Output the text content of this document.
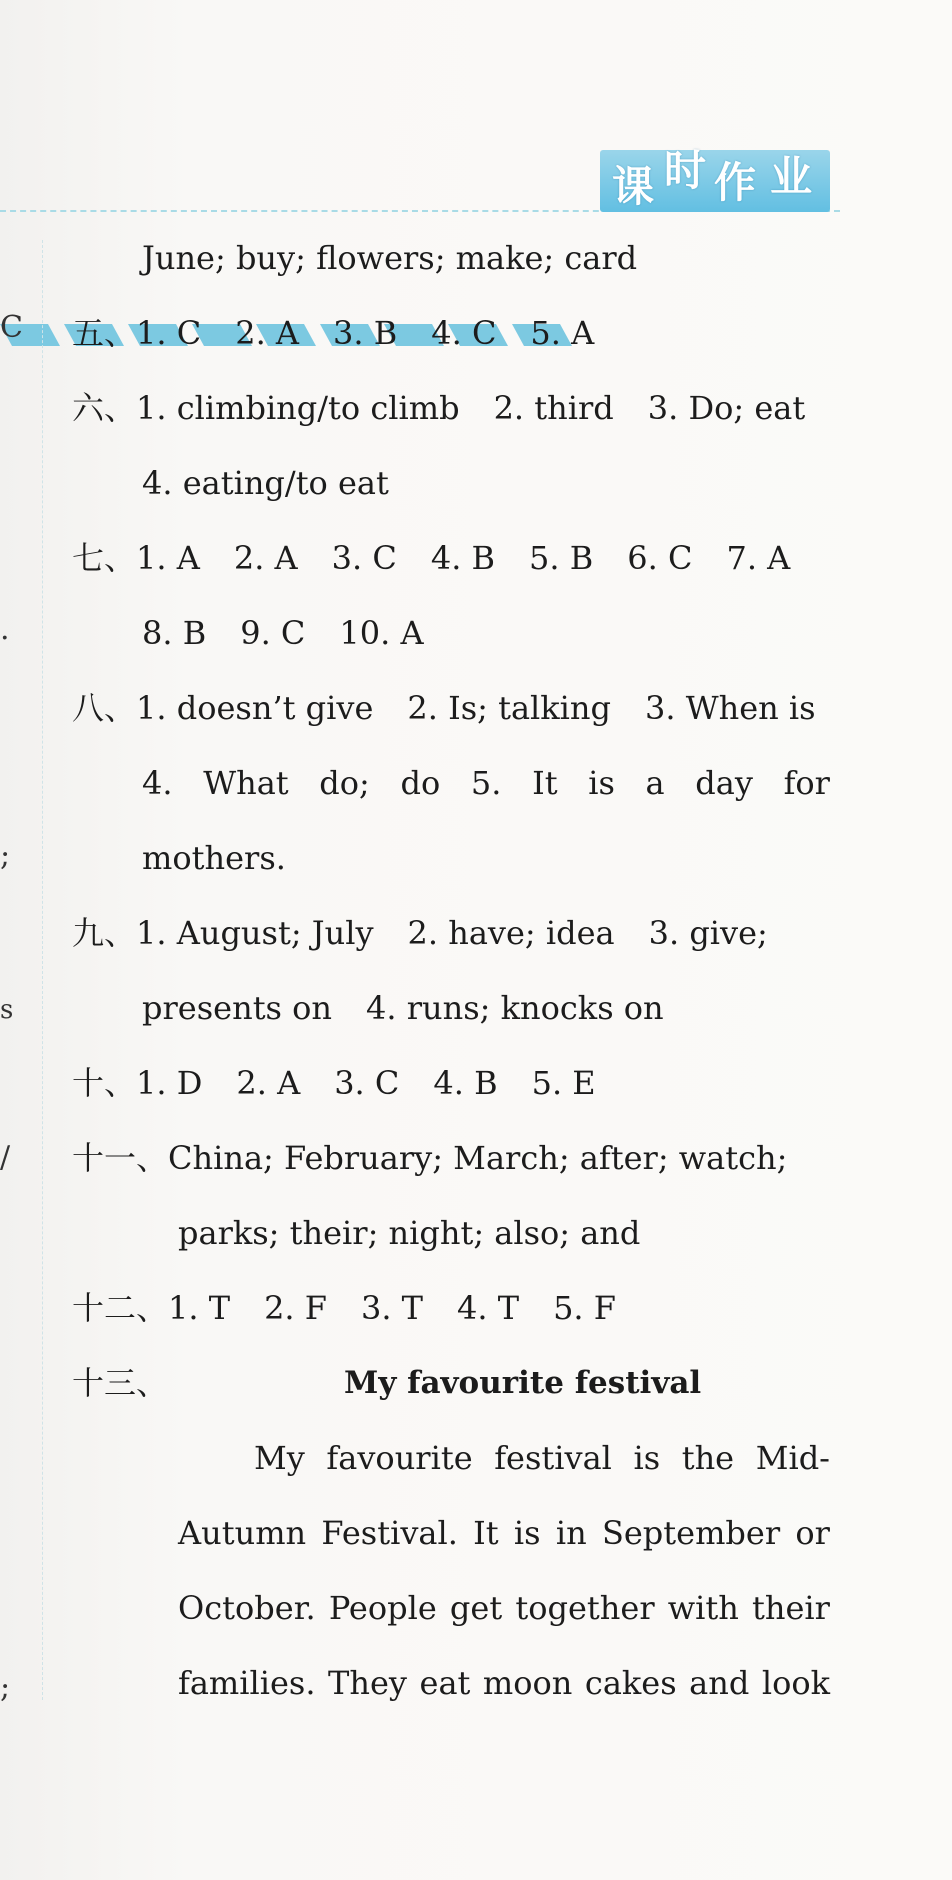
课 时 作 业
C
.
;
s
/
;
June; buy; flowers; make; card
五、1. C 2. A 3. B 4. C 5. A
六、1. climbing/to climb 2. third 3. Do; eat
4. eating/to eat
七、1. A 2. A 3. C 4. B 5. B 6. C 7. A
8. B 9. C 10. A
八、1. doesn’t give 2. Is; talking 3. When is
4. What do; do 5. It is a day for
mothers.
九、1. August; July 2. have; idea 3. give;
presents on 4. runs; knocks on
十、1. D 2. A 3. C 4. B 5. E
十一、China; February; March; after; watch;
parks; their; night; also; and
十二、1. T 2. F 3. T 4. T 5. F
十三、	My favourite festival
My favourite festival is the Mid-
Autumn Festival. It is in September or
October. People get together with their
families. They eat moon cakes and look
